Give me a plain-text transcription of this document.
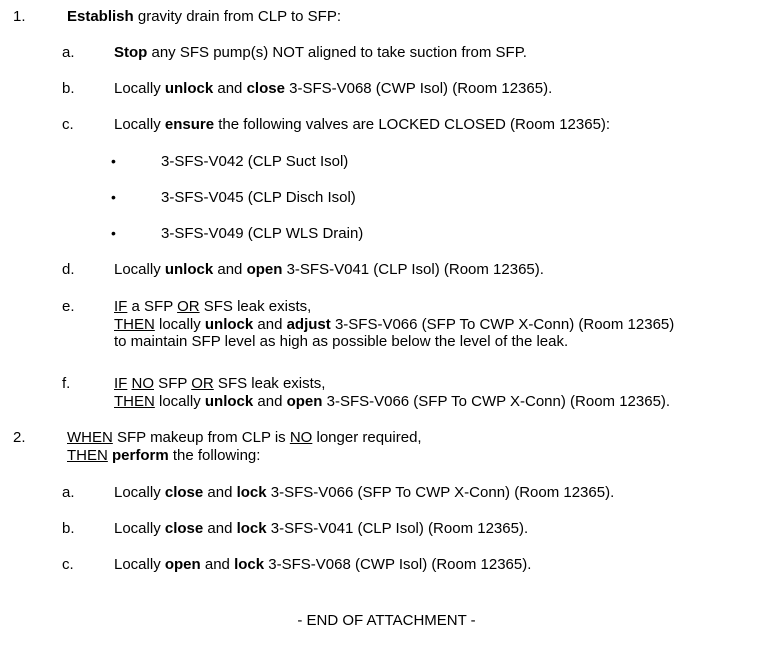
1.	Establish gravity drain from CLP to SFP:
a.	Stop any SFS pump(s) NOT aligned to take suction from SFP.
b.	Locally unlock and close 3-SFS-V068 (CWP Isol) (Room 12365).
c.	Locally ensure the following valves are LOCKED CLOSED (Room 12365):
•	3-SFS-V042 (CLP Suct Isol)
•	3-SFS-V045 (CLP Disch Isol)
•	3-SFS-V049 (CLP WLS Drain)
d.	Locally unlock and open 3-SFS-V041 (CLP Isol) (Room 12365).
e.	IF a SFP OR SFS leak exists,
THEN locally unlock and adjust 3-SFS-V066 (SFP To CWP X-Conn) (Room 12365)
to maintain SFP level as high as possible below the level of the leak.
f.	IF NO SFP OR SFS leak exists,
THEN locally unlock and open 3-SFS-V066 (SFP To CWP X-Conn) (Room 12365).
2.	WHEN SFP makeup from CLP is NO longer required,
THEN perform the following:
a.	Locally close and lock 3-SFS-V066 (SFP To CWP X-Conn) (Room 12365).
b.	Locally close and lock 3-SFS-V041 (CLP Isol) (Room 12365).
c.	Locally open and lock 3-SFS-V068 (CWP Isol) (Room 12365).
- END OF ATTACHMENT -
